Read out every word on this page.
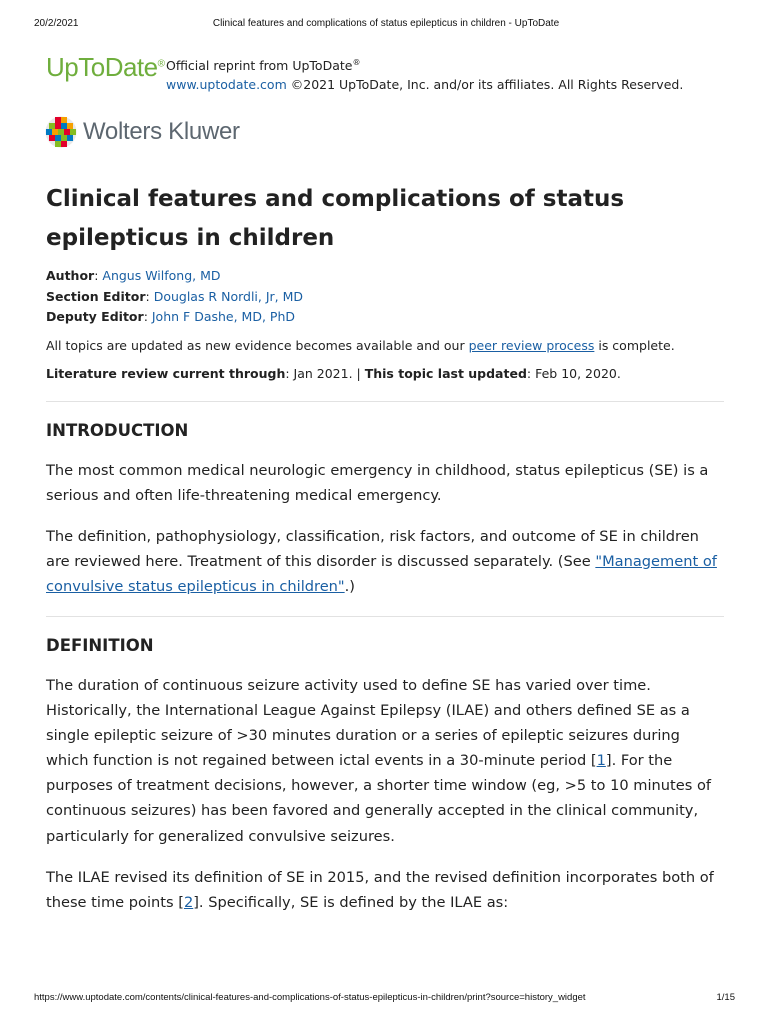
20/2/2021	Clinical features and complications of status epilepticus in children - UpToDate
UpToDate® Official reprint from UpToDate®
www.uptodate.com ©2021 UpToDate, Inc. and/or its affiliates. All Rights Reserved.
Wolters Kluwer
Clinical features and complications of status epilepticus in children
Author: Angus Wilfong, MD
Section Editor: Douglas R Nordli, Jr, MD
Deputy Editor: John F Dashe, MD, PhD
All topics are updated as new evidence becomes available and our peer review process is complete.
Literature review current through: Jan 2021. | This topic last updated: Feb 10, 2020.
INTRODUCTION

The most common medical neurologic emergency in childhood, status epilepticus (SE) is a serious and often life-threatening medical emergency.

The definition, pathophysiology, classification, risk factors, and outcome of SE in children are reviewed here. Treatment of this disorder is discussed separately. (See "Management of convulsive status epilepticus in children".)

DEFINITION

The duration of continuous seizure activity used to define SE has varied over time. Historically, the International League Against Epilepsy (ILAE) and others defined SE as a single epileptic seizure of >30 minutes duration or a series of epileptic seizures during which function is not regained between ictal events in a 30-minute period [1]. For the purposes of treatment decisions, however, a shorter time window (eg, >5 to 10 minutes of continuous seizures) has been favored and generally accepted in the clinical community, particularly for generalized convulsive seizures.

The ILAE revised its definition of SE in 2015, and the revised definition incorporates both of these time points [2]. Specifically, SE is defined by the ILAE as:

https://www.uptodate.com/contents/clinical-features-and-complications-of-status-epilepticus-in-children/print?source=history_widget	1/15
